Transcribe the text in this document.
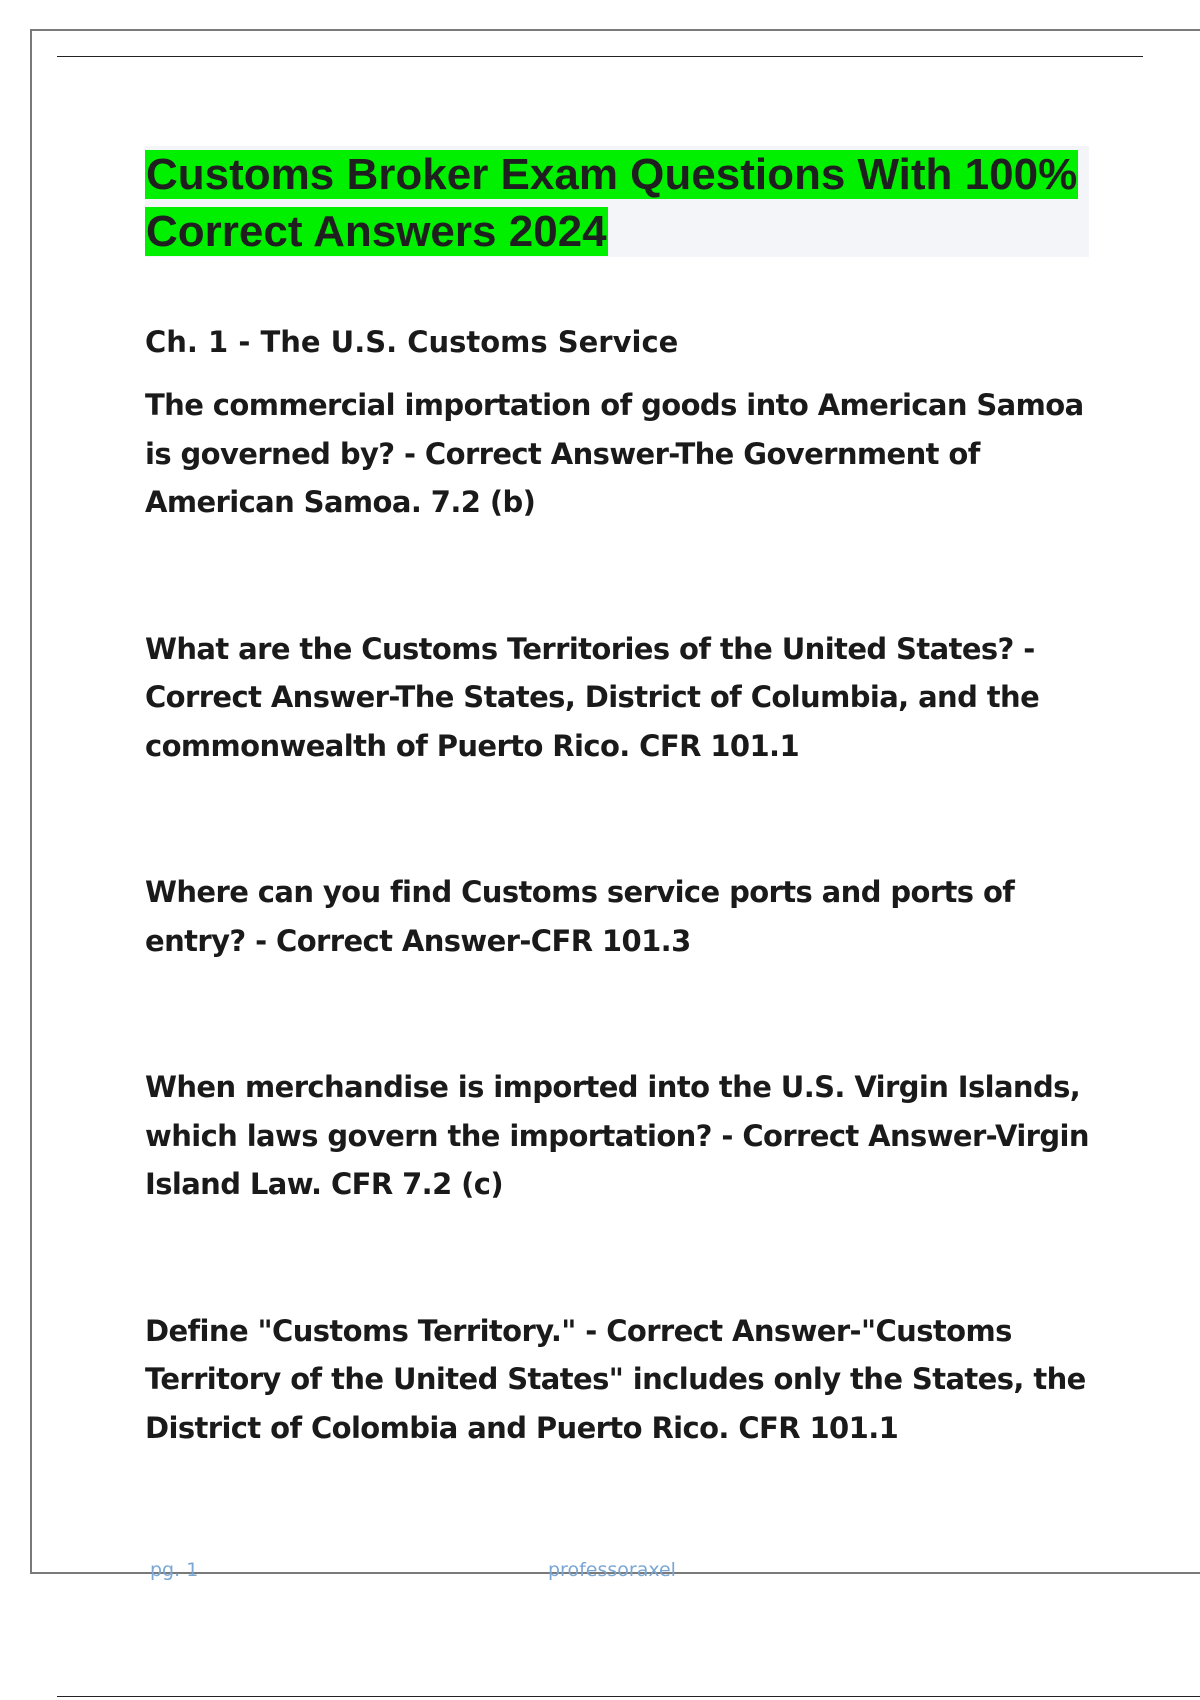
Customs Broker Exam Questions With 100% Correct Answers 2024

Ch. 1 - The U.S. Customs Service

The commercial importation of goods into American Samoa is governed by? - Correct Answer-The Government of American Samoa. 7.2 (b)

What are the Customs Territories of the United States? - Correct Answer-The States, District of Columbia, and the commonwealth of Puerto Rico. CFR 101.1

Where can you find Customs service ports and ports of entry? - Correct Answer-CFR 101.3

When merchandise is imported into the U.S. Virgin Islands, which laws govern the importation? - Correct Answer-Virgin Island Law. CFR 7.2 (c)

Define "Customs Territory." - Correct Answer-"Customs Territory of the United States" includes only the States, the District of Colombia and Puerto Rico. CFR 101.1

pg. 1	professoraxel
